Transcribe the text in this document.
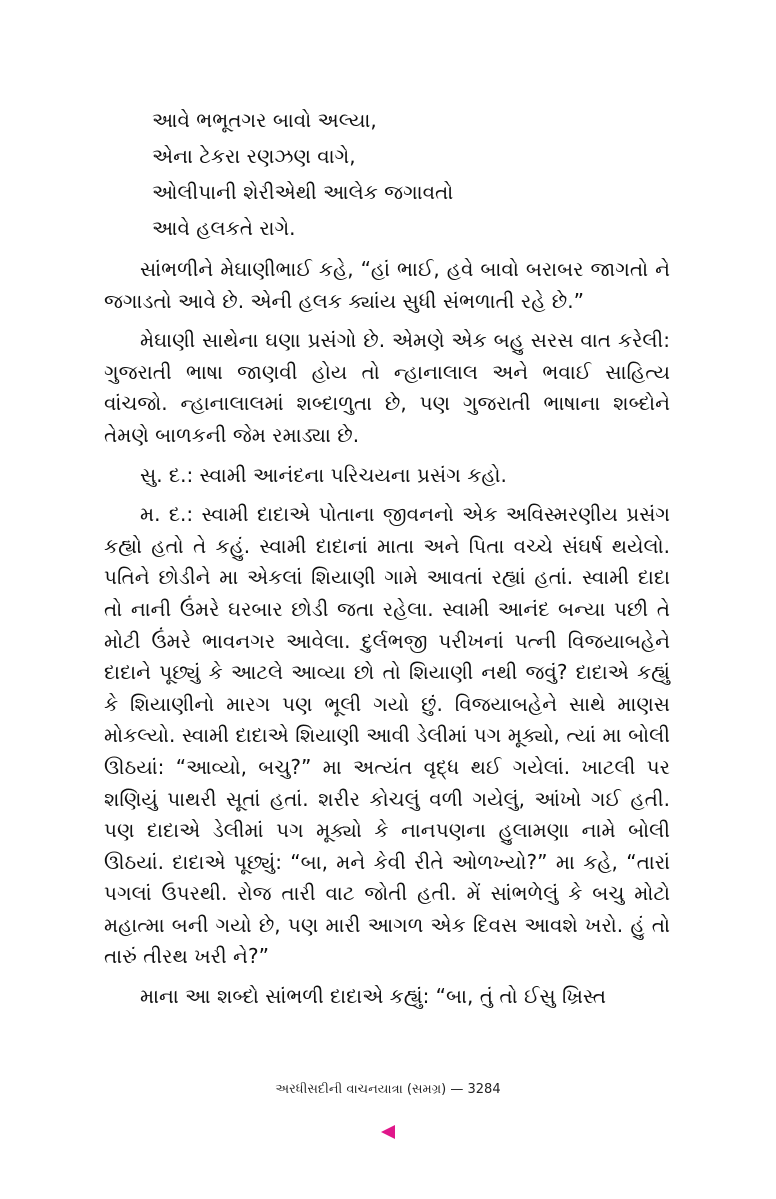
આવે ભભૂતગર બાવો અલ્યા,
એના ટેકરા રણઝણ વાગે,
ઓલીપાની શેરીએથી આલેક જગાવતો
આવે હલકતે રાગે.

સાંભળીને મેઘાણીભાઈ કહે, “હાં ભાઈ, હવે બાવો બરાબર જાગતો ને જગાડતો આવે છે. એની હલક ક્યાંય સુધી સંભળાતી રહે છે.”

મેઘાણી સાથેના ઘણા પ્રસંગો છે. એમણે એક બહુ સરસ વાત કરેલી: ગુજરાતી ભાષા જાણવી હોય તો ન્હાનાલાલ અને ભવાઈ સાહિત્ય વાંચજો. ન્હાનાલાલમાં શબ્દાળુતા છે, પણ ગુજરાતી ભાષાના શબ્દોને તેમણે બાળકની જેમ રમાડ્યા છે.

સુ. દ.: સ્વામી આનંદના પરિચયના પ્રસંગ કહો.

મ. દ.: સ્વામી દાદાએ પોતાના જીવનનો એક અવિસ્મરણીય પ્રસંગ કહ્યો હતો તે કહું. સ્વામી દાદાનાં માતા અને પિતા વચ્ચે સંઘર્ષ થયેલો. પતિને છોડીને મા એકલાં શિયાણી ગામે આવતાં રહ્યાં હતાં. સ્વામી દાદા તો નાની ઉંમરે ઘરબાર છોડી જતા રહેલા. સ્વામી આનંદ બન્યા પછી તે મોટી ઉંમરે ભાવનગર આવેલા. દુર્લભજી પરીખનાં પત્ની વિજયાબહેને દાદાને પૂછ્યું કે આટલે આવ્યા છો તો શિયાણી નથી જવું? દાદાએ કહ્યું કે શિયાણીનો મારગ પણ ભૂલી ગયો છું. વિજયાબહેને સાથે માણસ મોકલ્યો. સ્વામી દાદાએ શિયાણી આવી ડેલીમાં પગ મૂક્યો, ત્યાં મા બોલી ઊઠયાં: “આવ્યો, બચુ?” મા અત્યંત વૃદ્ધ થઈ ગયેલાં. ખાટલી પર શણિયું પાથરી સૂતાં હતાં. શરીર કોચલું વળી ગયેલું, આંખો ગઈ હતી. પણ દાદાએ ડેલીમાં પગ મૂક્યો કે નાનપણના હુલામણા નામે બોલી ઊઠયાં. દાદાએ પૂછ્યું: “બા, મને કેવી રીતે ઓળખ્યો?” મા કહે, “તારાં પગલાં ઉપરથી. રોજ તારી વાટ જોતી હતી. મેં સાંભળેલું કે બચુ મોટો મહાત્મા બની ગયો છે, પણ મારી આગળ એક દિવસ આવશે ખરો. હું તો તારું તીરથ ખરી ને?”

માના આ શબ્દો સાંભળી દાદાએ કહ્યું: “બા, તું તો ઈસુ ખ્રિસ્ત

અરધીસદીની વાચનયાત્રા (સમગ્ર) — 3284
